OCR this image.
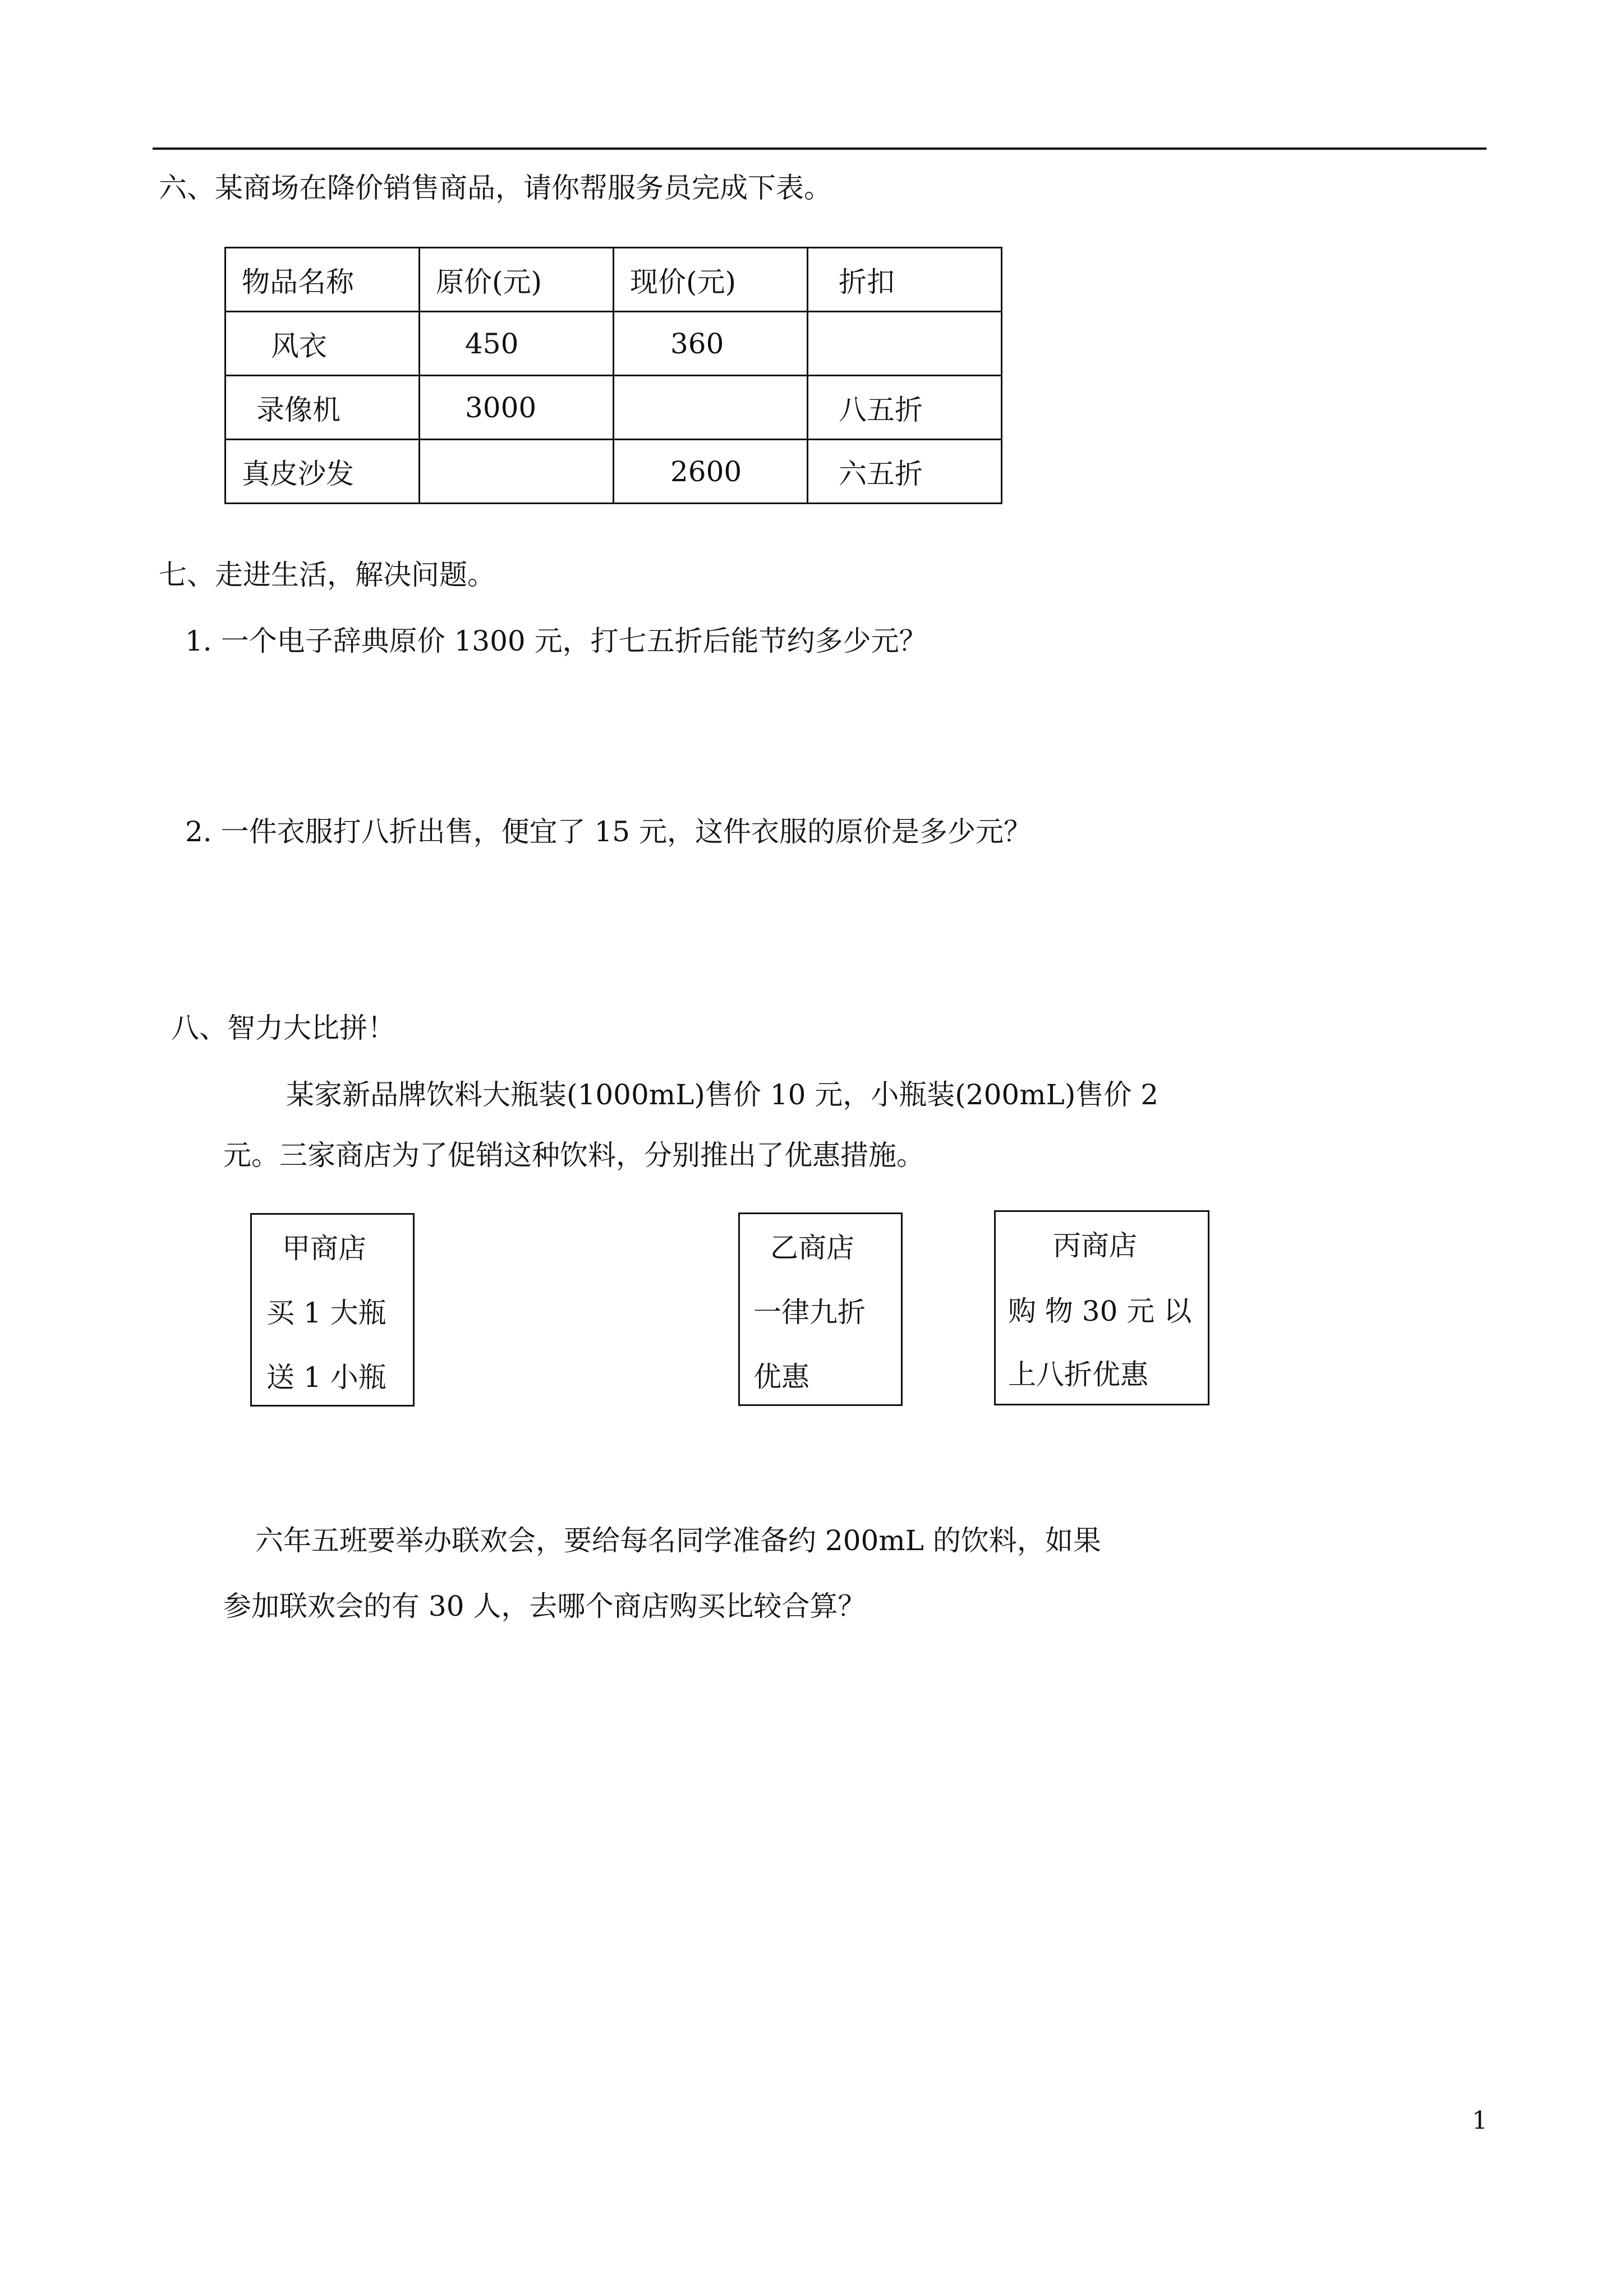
六、某商场在降价销售商品，请你帮服务员完成下表。
物品名称	原价(元)	现价(元)	折扣
风衣	450	360	
录像机	3000		八五折
真皮沙发		2600	六五折
七、走进生活，解决问题。
1. 一个电子辞典原价 1300 元，打七五折后能节约多少元？
2. 一件衣服打八折出售，便宜了 15 元，这件衣服的原价是多少元？
八、智力大比拼！
某家新品牌饮料大瓶装(1000mL)售价 10 元，小瓶装(200mL)售价 2
元。三家商店为了促销这种饮料，分别推出了优惠措施。
甲商店
买 1 大瓶
送 1 小瓶
乙商店
一律九折
优惠
丙商店
购 物 30 元 以
上八折优惠
六年五班要举办联欢会，要给每名同学准备约 200mL 的饮料，如果
参加联欢会的有 30 人，去哪个商店购买比较合算？
1
